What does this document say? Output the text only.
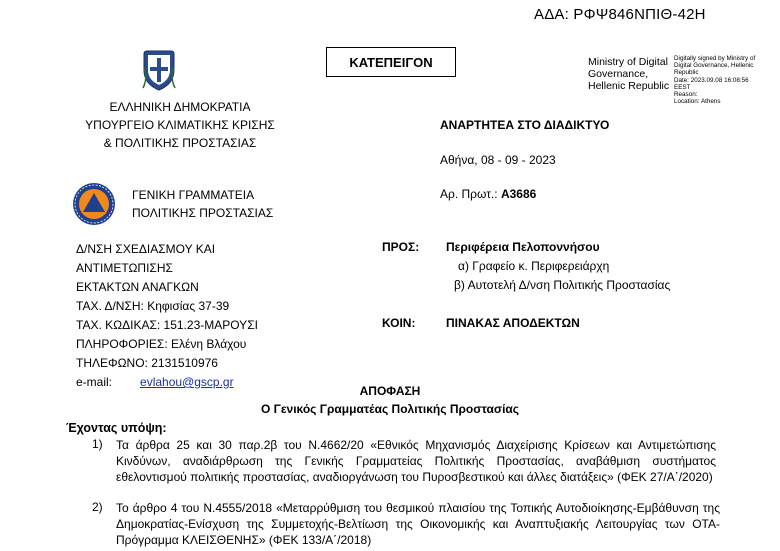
ΑΔΑ: ΡΦΨ846ΝΠΙΘ-42Η
ΕΛΛΗΝΙΚΗ ΔΗΜΟΚΡΑΤΙΑ
ΥΠΟΥΡΓΕΙΟ ΚΛΙΜΑΤΙΚΗΣ ΚΡΙΣΗΣ
& ΠΟΛΙΤΙΚΗΣ ΠΡΟΣΤΑΣΙΑΣ
ΚΑΤΕΠΕΙΓΟΝ	Ministry of Digital
Governance,
Hellenic Republic
Digitally signed by Ministry of
Digital Governance, Hellenic
Republic
Date: 2023.09.08 16:08:56
EEST
Reason:
Location: Athens
ΑΝΑΡΤΗΤΕΑ ΣΤΟ ΔΙΑΔΙΚΤΥΟ
Αθήνα, 08 - 09 - 2023
Αρ. Πρωτ.: Α3686
ΓΕΝΙΚΗ ΓΡΑΜΜΑΤΕΙΑ
ΠΟΛΙΤΙΚΗΣ ΠΡΟΣΤΑΣΙΑΣ
Δ/ΝΣΗ ΣΧΕΔΙΑΣΜΟΥ ΚΑΙ
ΑΝΤΙΜΕΤΩΠΙΣΗΣ
ΕΚΤΑΚΤΩΝ ΑΝΑΓΚΩΝ
ΤΑΧ. Δ/ΝΣΗ: Κηφισίας 37-39
ΤΑΧ. ΚΩΔΙΚΑΣ: 151.23-ΜΑΡΟΥΣΙ
ΠΛΗΡΟΦΟΡΙΕΣ: Ελένη Βλάχου
ΤΗΛΕΦΩΝΟ: 2131510976
e-mail: evlahou@gscp.gr
ΠΡΟΣ: Περιφέρεια Πελοποννήσου
α) Γραφείο κ. Περιφερειάρχη
β) Αυτοτελή Δ/νση Πολιτικής Προστασίας
ΚΟΙΝ:	ΠΙΝΑΚΑΣ ΑΠΟΔΕΚΤΩΝ
ΑΠΟΦΑΣΗ
Ο Γενικός Γραμματέας Πολιτικής Προστασίας
Έχοντας υπόψη:
1) Τα άρθρα 25 και 30 παρ.2β του Ν.4662/20 «Εθνικός Μηχανισμός Διαχείρισης Κρίσεων και Αντιμετώπισης Κινδύνων, αναδιάρθρωση της Γενικής Γραμματείας Πολιτικής Προστασίας, αναβάθμιση συστήματος εθελοντισμού πολιτικής προστασίας, αναδιοργάνωση του Πυροσβεστικού και άλλες διατάξεις» (ΦΕΚ 27/Α΄/2020)
2) Το άρθρο 4 του Ν.4555/2018 «Μεταρρύθμιση του θεσμικού πλαισίου της Τοπικής Αυτοδιοίκησης-Εμβάθυνση της Δημοκρατίας-Ενίσχυση της Συμμετοχής-Βελτίωση της Οικονομικής και Αναπτυξιακής Λειτουργίας των ΟΤΑ-Πρόγραμμα ΚΛΕΙΣΘΕΝΗΣ» (ΦΕΚ 133/Α΄/2018)
